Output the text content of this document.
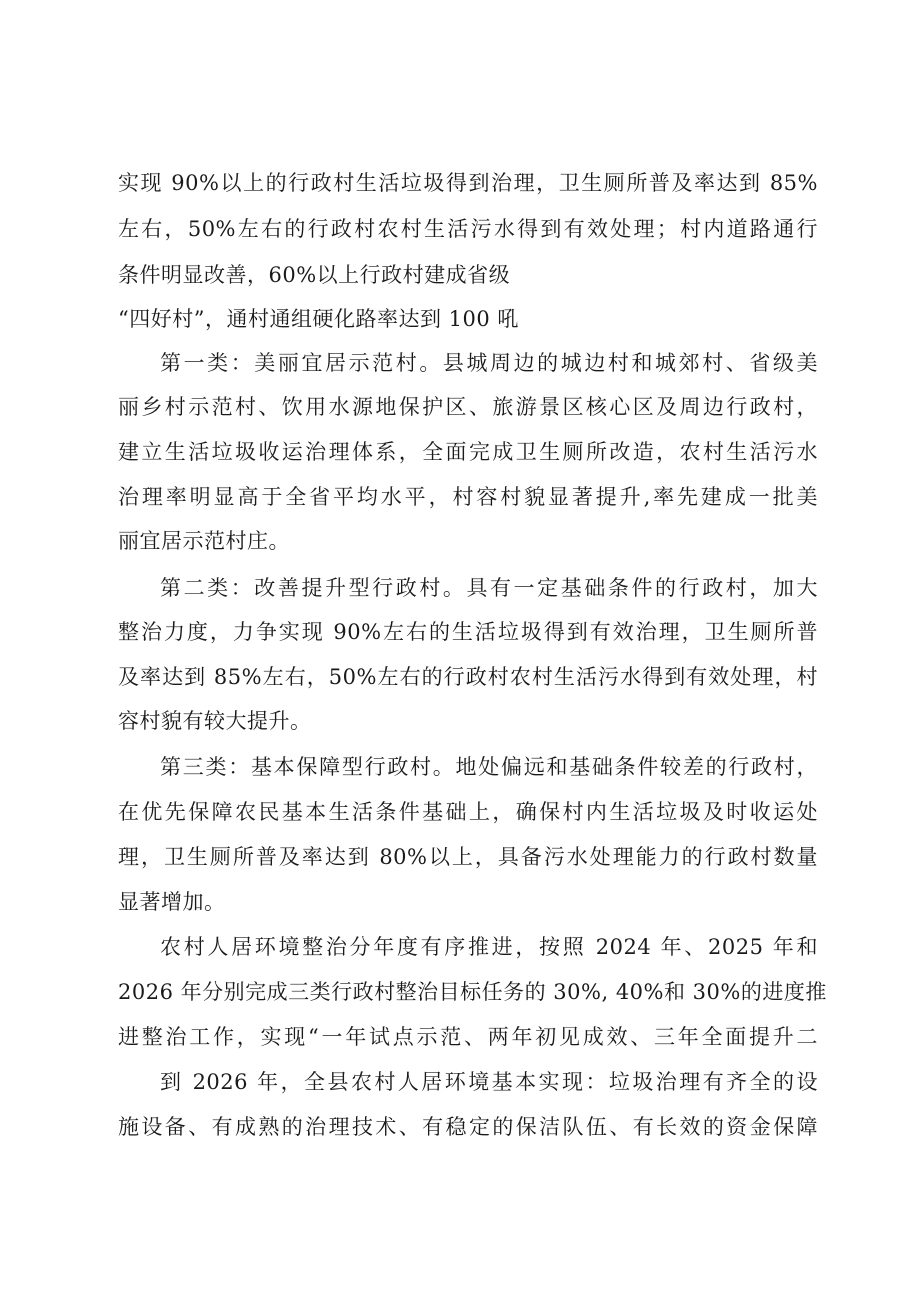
实现 90%以上的行政村生活垃圾得到治理，卫生厕所普及率达到 85%
左右，50%左右的行政村农村生活污水得到有效处理；村内道路通行
条件明显改善，60%以上行政村建成省级
“四好村”，通村通组硬化路率达到 100 吼
第一类：美丽宜居示范村。县城周边的城边村和城郊村、省级美
丽乡村示范村、饮用水源地保护区、旅游景区核心区及周边行政村，
建立生活垃圾收运治理体系，全面完成卫生厕所改造，农村生活污水
治理率明显高于全省平均水平，村容村貌显著提升,率先建成一批美
丽宜居示范村庄。
第二类：改善提升型行政村。具有一定基础条件的行政村，加大
整治力度，力争实现 90%左右的生活垃圾得到有效治理，卫生厕所普
及率达到 85%左右，50%左右的行政村农村生活污水得到有效处理，村
容村貌有较大提升。
第三类：基本保障型行政村。地处偏远和基础条件较差的行政村，
在优先保障农民基本生活条件基础上，确保村内生活垃圾及时收运处
理，卫生厕所普及率达到 80%以上，具备污水处理能力的行政村数量
显著增加。
农村人居环境整治分年度有序推进，按照 2024 年、2025 年和
2026 年分别完成三类行政村整治目标任务的 30%, 40%和 30%的进度推
进整治工作，实现“一年试点示范、两年初见成效、三年全面提升二
到 2026 年，全县农村人居环境基本实现：垃圾治理有齐全的设
施设备、有成熟的治理技术、有稳定的保洁队伍、有长效的资金保障
